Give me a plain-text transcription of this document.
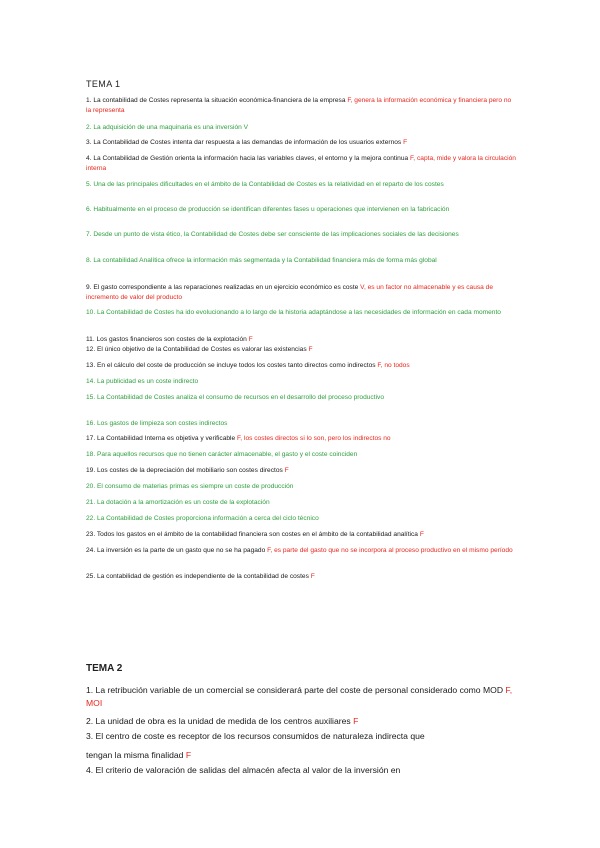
TEMA 1
1. La contabilidad de Costes representa la situación económica-financiera de la empresa F, genera la información económica y financiera pero no la representa
2. La adquisición de una maquinaria es una inversión V
3. La Contabilidad de Costes intenta dar respuesta a las demandas de información de los usuarios externos F
4. La Contabilidad de Gestión orienta la información hacia las variables claves, el entorno y la mejora continua F, capta, mide y valora la circulación interna
5. Una de las principales dificultades en el ámbito de la Contabilidad de Costes es la relatividad en el reparto de los costes
6. Habitualmente en el proceso de producción se identifican diferentes fases u operaciones que intervienen en la fabricación
7. Desde un punto de vista ético, la Contabilidad de Costes debe ser consciente de las implicaciones sociales de las decisiones
8. La contabilidad Analítica ofrece la información más segmentada y la Contabilidad financiera más de forma más global
9. El gasto correspondiente a las reparaciones realizadas en un ejercicio económico es coste V, es un factor no almacenable y es causa de incremento de valor del producto
10. La Contabilidad de Costes ha ido evolucionando a lo largo de la historia adaptándose a las necesidades de información en cada momento
11. Los gastos financieros son costes de la explotación F
12. El único objetivo de la Contabilidad de Costes es valorar las existencias F
13. En el cálculo del coste de producción se incluye todos los costes tanto directos como indirectos F, no todos
14. La publicidad es un coste indirecto
15. La Contabilidad de Costes analiza el consumo de recursos en el desarrollo del proceso productivo
16. Los gastos de limpieza son costes indirectos
17. La Contabilidad Interna es objetiva y verificable F, los costes directos si lo son, pero los indirectos no
18. Para aquellos recursos que no tienen carácter almacenable, el gasto y el coste coinciden
19. Los costes de la depreciación del mobiliario son costes directos F
20. El consumo de materias primas es siempre un coste de producción
21. La dotación a la amortización es un coste de la explotación
22. La Contabilidad de Costes proporciona información a cerca del ciclo técnico
23. Todos los gastos en el ámbito de la contabilidad financiera son costes en el ámbito de la contabilidad analítica F
24. La inversión es la parte de un gasto que no se ha pagado F, es parte del gasto que no se incorpora al proceso productivo en el mismo período
25. La contabilidad de gestión es independiente de la contabilidad de costes F
TEMA 2
1. La retribución variable de un comercial se considerará parte del coste de personal considerado como MOD F, MOI
2. La unidad de obra es la unidad de medida de los centros auxiliares F
3. El centro de coste es receptor de los recursos consumidos de naturaleza indirecta que
tengan la misma finalidad F
4. El criterio de valoración de salidas del almacén afecta al valor de la inversión en
